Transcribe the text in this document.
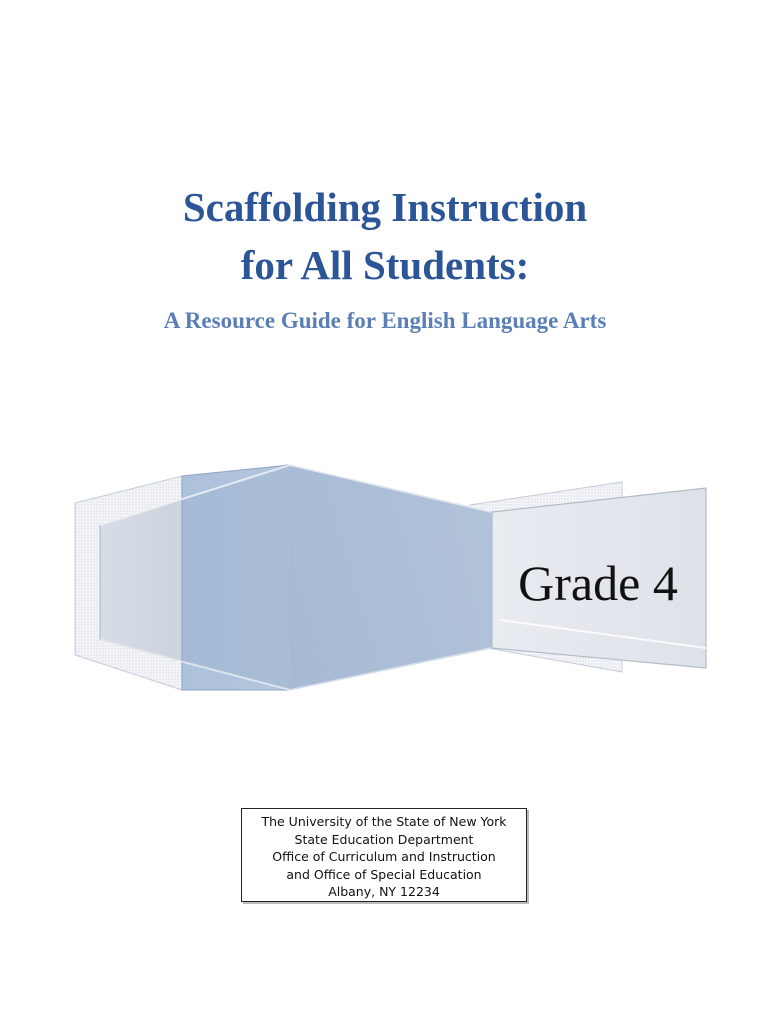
Scaffolding Instruction
for All Students:
A Resource Guide for English Language Arts
Grade 4
The University of the State of New York
State Education Department
Office of Curriculum and Instruction
and Office of Special Education
Albany, NY 12234
